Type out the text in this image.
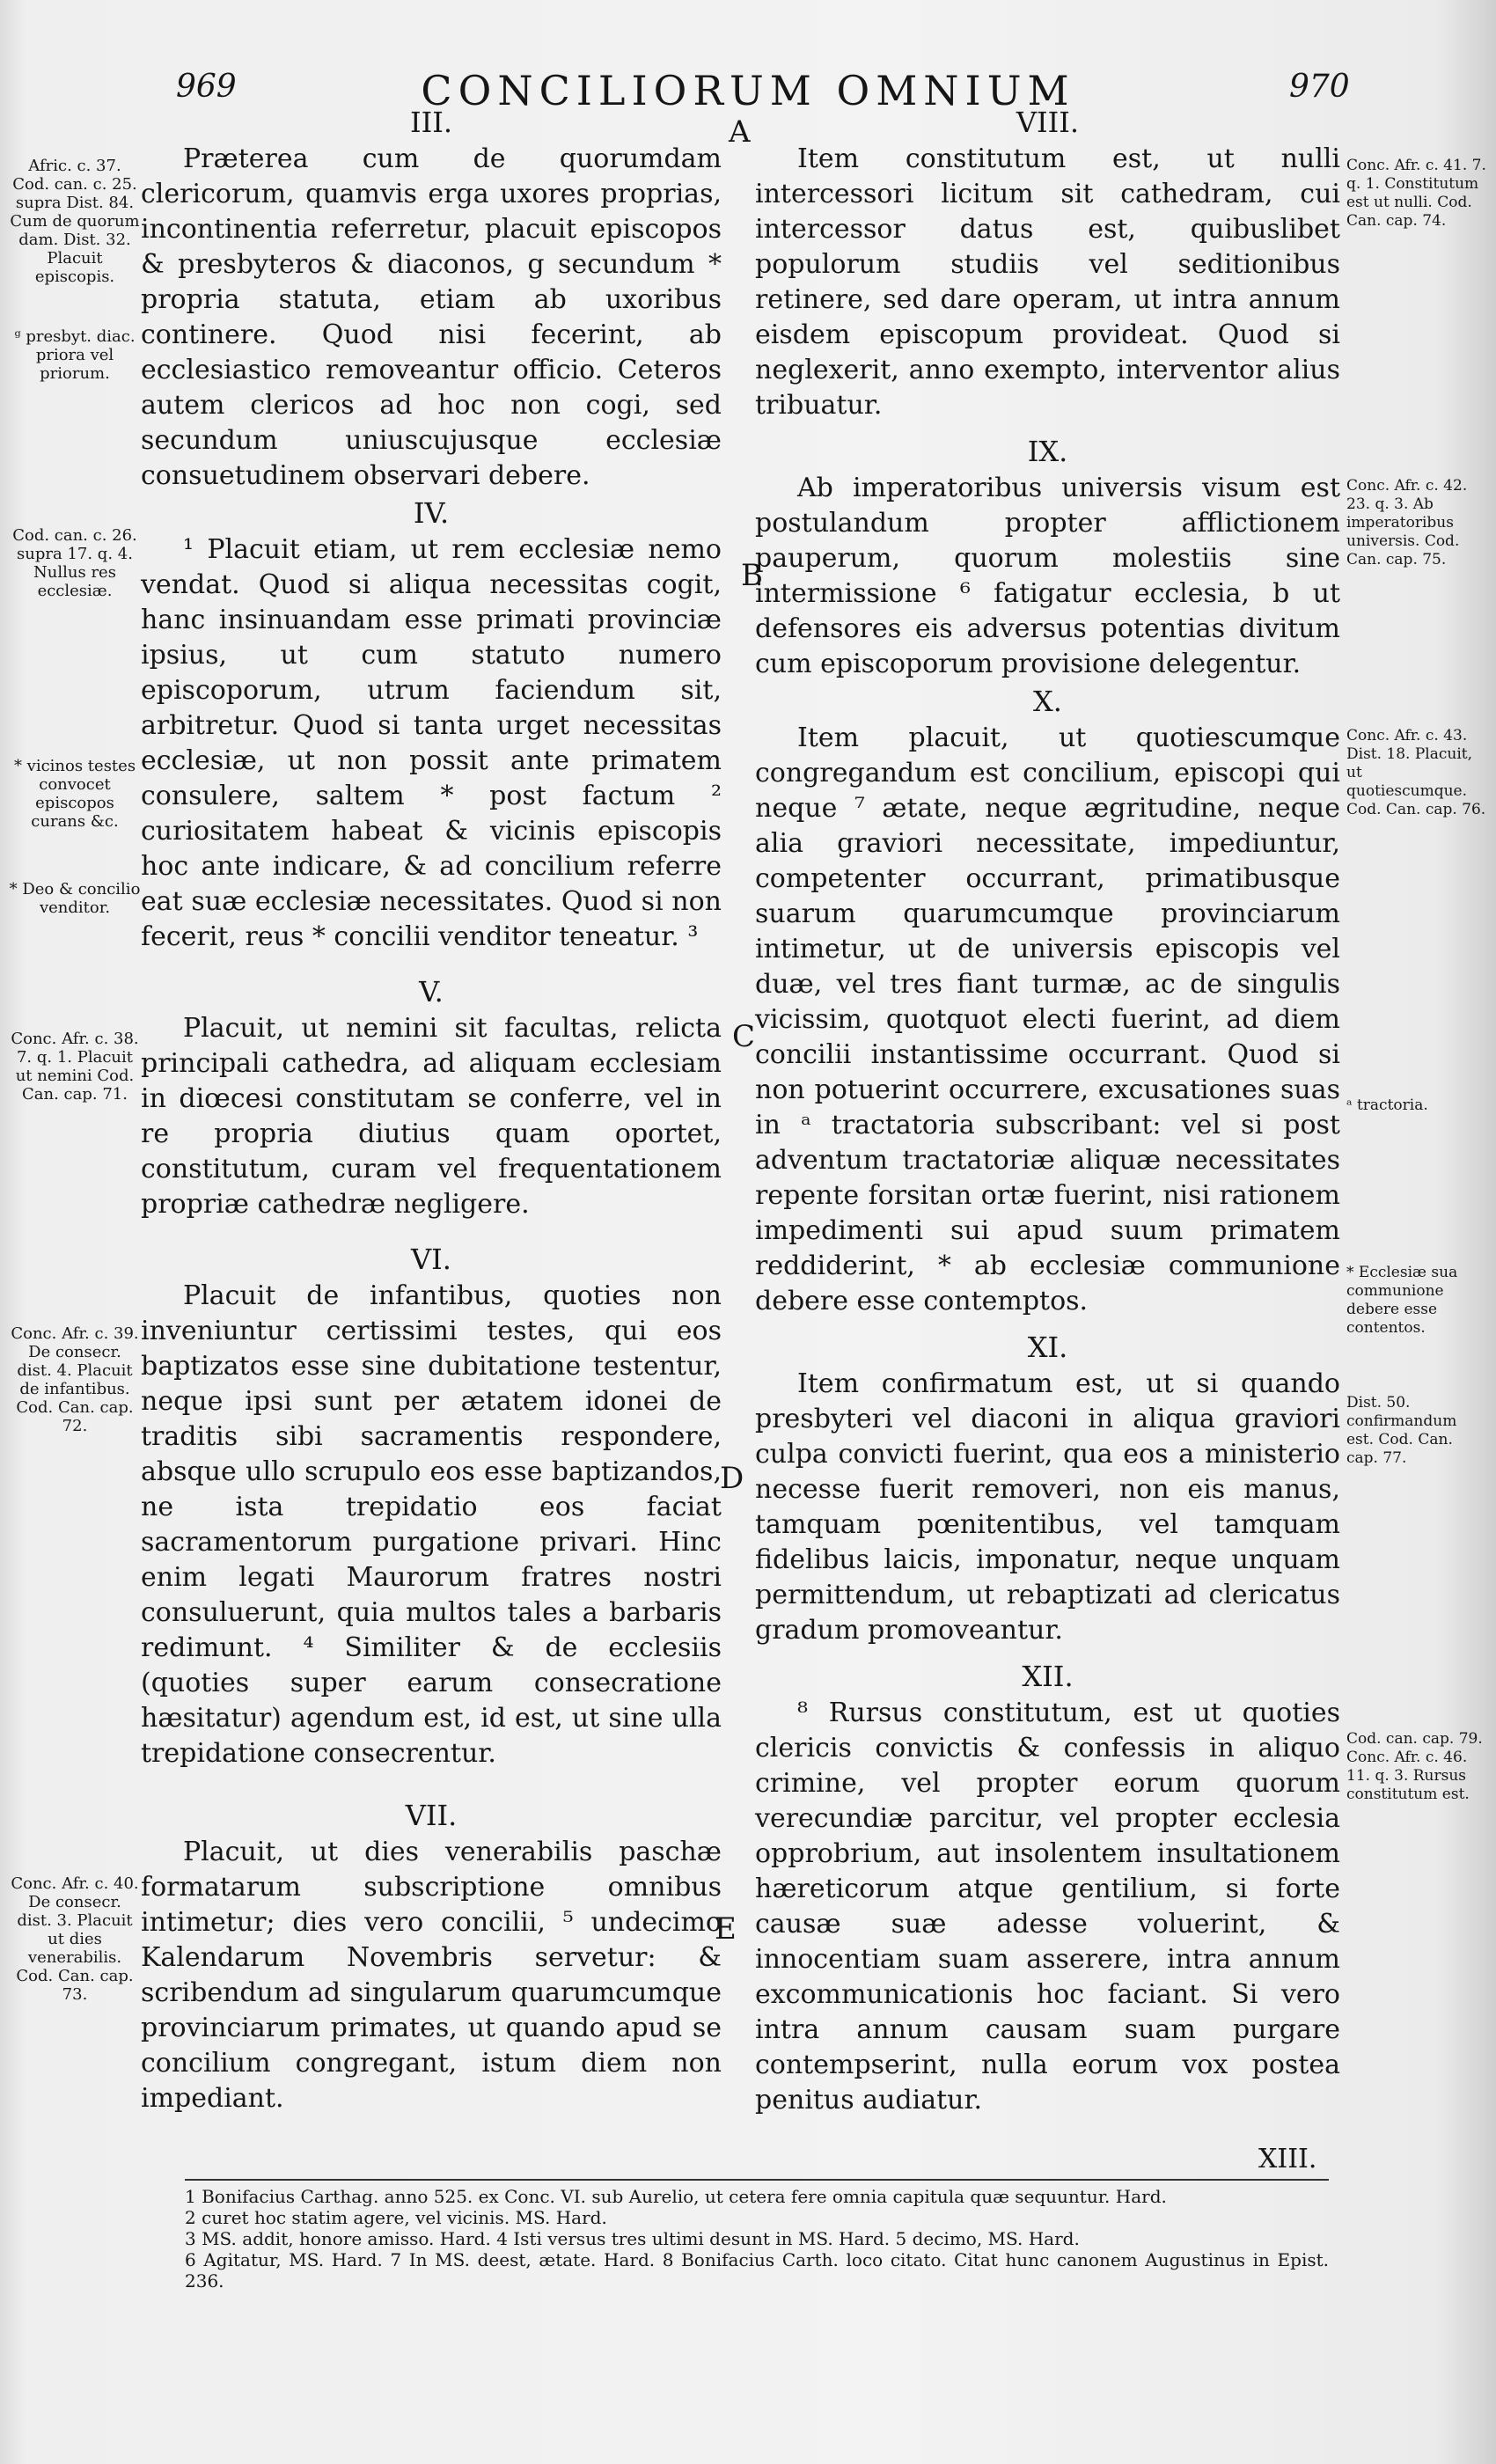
969	CONCILIORUM OMNIUM	970
A
B
C
D
E

III.

Præterea cum de quorumdam clericorum, quamvis erga uxores proprias, incontinentia referretur, placuit episcopos & presbyteros & diaconos, g secundum * propria statuta, etiam ab uxoribus continere. Quod nisi fecerint, ab ecclesiastico removeantur officio. Ceteros autem clericos ad hoc non cogi, sed secundum uniuscujusque ecclesiæ consuetudinem observari debere.

IV.

¹ Placuit etiam, ut rem ecclesiæ nemo vendat. Quod si aliqua necessitas cogit, hanc insinuandam esse primati provinciæ ipsius, ut cum statuto numero episcoporum, utrum faciendum sit, arbitretur. Quod si tanta urget necessitas ecclesiæ, ut non possit ante primatem consulere, saltem * post factum ² curiositatem habeat & vicinis episcopis hoc ante indicare, & ad concilium referre eat suæ ecclesiæ necessitates. Quod si non fecerit, reus * concilii venditor teneatur. ³

V.

Placuit, ut nemini sit facultas, relicta principali cathedra, ad aliquam ecclesiam in diœcesi constitutam se conferre, vel in re propria diutius quam oportet, constitutum, curam vel frequentationem propriæ cathedræ negligere.

VI.

Placuit de infantibus, quoties non inveniuntur certissimi testes, qui eos baptizatos esse sine dubitatione testentur, neque ipsi sunt per ætatem idonei de traditis sibi sacramentis respondere, absque ullo scrupulo eos esse baptizandos, ne ista trepidatio eos faciat sacramentorum purgatione privari. Hinc enim legati Maurorum fratres nostri consuluerunt, quia multos tales a barbaris redimunt. ⁴ Similiter & de ecclesiis (quoties super earum consecratione hæsitatur) agendum est, id est, ut sine ulla trepidatione consecrentur.

VII.

Placuit, ut dies venerabilis paschæ formatarum subscriptione omnibus intimetur; dies vero concilii, ⁵ undecimo Kalendarum Novembris servetur: & scribendum ad singularum quarumcumque provinciarum primates, ut quando apud se concilium congregant, istum diem non impediant.

VIII.

Item constitutum est, ut nulli intercessori licitum sit cathedram, cui intercessor datus est, quibuslibet populorum studiis vel seditionibus retinere, sed dare operam, ut intra annum eisdem episcopum provideat. Quod si neglexerit, anno exempto, interventor alius tribuatur.

IX.

Ab imperatoribus universis visum est postulandum propter afflictionem pauperum, quorum molestiis sine intermissione ⁶ fatigatur ecclesia, b ut defensores eis adversus potentias divitum cum episcoporum provisione delegentur.

X.

Item placuit, ut quotiescumque congregandum est concilium, episcopi qui neque ⁷ ætate, neque ægritudine, neque alia graviori necessitate, impediuntur, competenter occurrant, primatibusque suarum quarumcumque provinciarum intimetur, ut de universis episcopis vel duæ, vel tres fiant turmæ, ac de singulis vicissim, quotquot electi fuerint, ad diem concilii instantissime occurrant. Quod si non potuerint occurrere, excusationes suas in ᵃ tractatoria subscribant: vel si post adventum tractatoriæ aliquæ necessitates repente forsitan ortæ fuerint, nisi rationem impedimenti sui apud suum primatem reddiderint, * ab ecclesiæ communione debere esse contemptos.

XI.

Item confirmatum est, ut si quando presbyteri vel diaconi in aliqua graviori culpa convicti fuerint, qua eos a ministerio necesse fuerit removeri, non eis manus, tamquam pœnitentibus, vel tamquam fidelibus laicis, imponatur, neque unquam permittendum, ut rebaptizati ad clericatus gradum promoveantur.

XII.

⁸ Rursus constitutum, est ut quoties clericis convictis & confessis in aliquo crimine, vel propter eorum quorum verecundiæ parcitur, vel propter ecclesia opprobrium, aut insolentem insultationem hæreticorum atque gentilium, si forte causæ suæ adesse voluerint, & innocentiam suam asserere, intra annum excommunicationis hoc faciant. Si vero intra annum causam suam purgare contempserint, nulla eorum vox postea penitus audiatur.

Afric. c. 37. Cod. can. c. 25. supra Dist. 84. Cum de quorum dam. Dist. 32. Placuit episcopis.
ᵍ presbyt. diac. priora vel priorum.
Cod. can. c. 26. supra 17. q. 4. Nullus res ecclesiæ.
* vicinos testes convocet episcopos curans &c.
* Deo & concilio venditor.
Conc. Afr. c. 38. 7. q. 1. Placuit ut nemini Cod. Can. cap. 71.
Conc. Afr. c. 39. De consecr. dist. 4. Placuit de infantibus. Cod. Can. cap. 72.
Conc. Afr. c. 40. De consecr. dist. 3. Placuit ut dies venerabilis. Cod. Can. cap. 73.
Conc. Afr. c. 41. 7. q. 1. Constitutum est ut nulli. Cod. Can. cap. 74.
Conc. Afr. c. 42. 23. q. 3. Ab imperatoribus universis. Cod. Can. cap. 75.
Conc. Afr. c. 43. Dist. 18. Placuit, ut quotiescumque. Cod. Can. cap. 76.
ᵃ tractoria.
* Ecclesiæ sua communione debere esse contentos.
Dist. 50. confirmandum est. Cod. Can. cap. 77.
Cod. can. cap. 79. Conc. Afr. c. 46. 11. q. 3. Rursus constitutum est.
XIII.

1 Bonifacius Carthag. anno 525. ex Conc. VI. sub Aurelio, ut cetera fere omnia capitula quæ sequuntur. Hard.

2 curet hoc statim agere, vel vicinis. MS. Hard.

3 MS. addit, honore amisso. Hard. 4 Isti versus tres ultimi desunt in MS. Hard. 5 decimo, MS. Hard.

6 Agitatur, MS. Hard. 7 In MS. deest, ætate. Hard. 8 Bonifacius Carth. loco citato. Citat hunc canonem Augustinus in Epist. 236.
